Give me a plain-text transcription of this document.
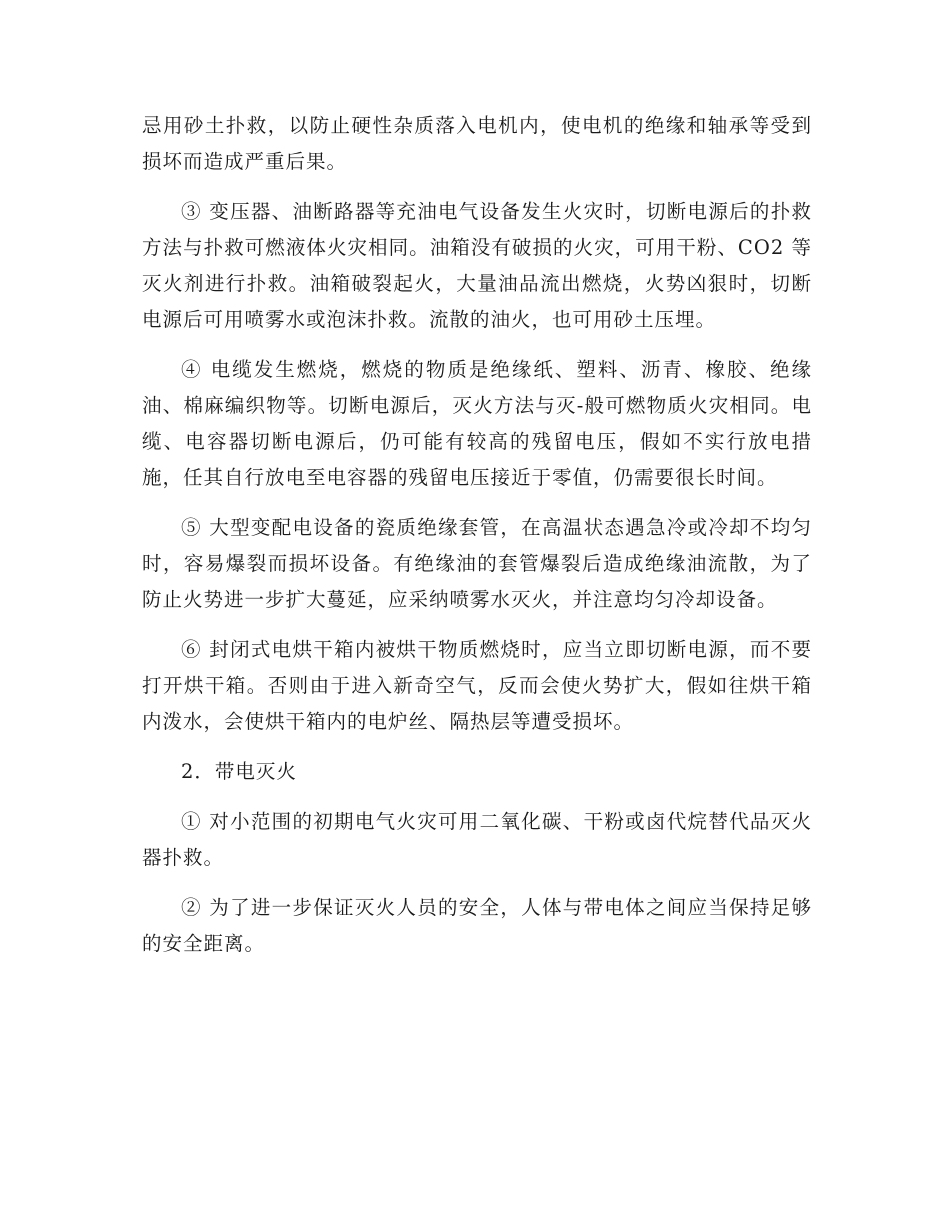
忌用砂土扑救，以防止硬性杂质落入电机内，使电机的绝缘和轴承等受到损坏而造成严重后果。

③ 变压器、油断路器等充油电气设备发生火灾时，切断电源后的扑救方法与扑救可燃液体火灾相同。油箱没有破损的火灾，可用干粉、CO2 等灭火剂进行扑救。油箱破裂起火，大量油品流出燃烧，火势凶狠时，切断电源后可用喷雾水或泡沫扑救。流散的油火，也可用砂土压埋。

④ 电缆发生燃烧，燃烧的物质是绝缘纸、塑料、沥青、橡胶、绝缘油、棉麻编织物等。切断电源后，灭火方法与灭-般可燃物质火灾相同。电缆、电容器切断电源后，仍可能有较高的残留电压，假如不实行放电措施，任其自行放电至电容器的残留电压接近于零值，仍需要很长时间。

⑤ 大型变配电设备的瓷质绝缘套管，在高温状态遇急冷或冷却不均匀时，容易爆裂而损坏设备。有绝缘油的套管爆裂后造成绝缘油流散，为了防止火势进一步扩大蔓延，应采纳喷雾水灭火，并注意均匀冷却设备。

⑥ 封闭式电烘干箱内被烘干物质燃烧时，应当立即切断电源，而不要打开烘干箱。否则由于进入新奇空气，反而会使火势扩大，假如往烘干箱内泼水，会使烘干箱内的电炉丝、隔热层等遭受损坏。

2．带电灭火

① 对小范围的初期电气火灾可用二氧化碳、干粉或卤代烷替代品灭火器扑救。

② 为了进一步保证灭火人员的安全，人体与带电体之间应当保持足够的安全距离。
